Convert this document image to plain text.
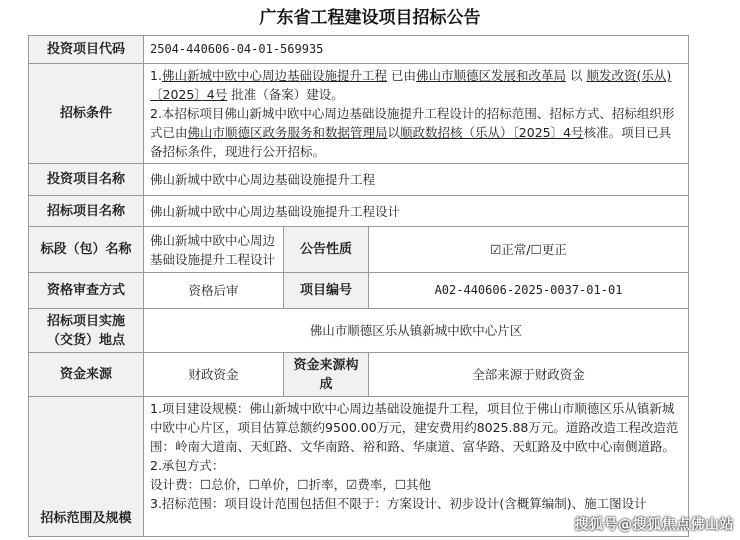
广东省工程建设项目招标公告
投资项目代码	2504-440606-04-01-569935		
招标条件	1.佛山新城中欧中心周边基础设施提升工程 已由佛山市顺德区发展和改革局 以 顺发改资(乐从)〔2025〕4号 批准（备案）建设。

2.本招标项目佛山新城中欧中心周边基础设施提升工程设计的招标范围、招标方式、招标组织形式已由佛山市顺德区政务服务和数据管理局以顺政数招核（乐从）〔2025〕4号核准。项目已具备招标条件，现进行公开招标。		

投资项目名称	佛山新城中欧中心周边基础设施提升工程		
招标项目名称	佛山新城中欧中心周边基础设施提升工程设计		
标段（包）名称	佛山新城中欧中心周边基础设施提升工程设计	公告性质	☑正常/☐更正
资格审查方式	资格后审	项目编号	A02-440606-2025-0037-01-01
招标项目实施（交货）地点	佛山市顺德区乐从镇新城中欧中心片区		
资金来源	财政资金	资金来源构成	全部来源于财政资金
招标范围及规模	1.项目建设规模：佛山新城中欧中心周边基础设施提升工程，项目位于佛山市顺德区乐从镇新城中欧中心片区，项目估算总额约9500.00万元，建安费用约8025.88万元。道路改造工程改造范围：岭南大道南、天虹路、文华南路、裕和路、华康道、富华路、天虹路及中欧中心南侧道路。

2.承包方式：

设计费：☐总价，☐单价，☐折率，☑费率，☐其他

3.招标范围：项目设计范围包括但不限于：方案设计、初步设计(含概算编制)、施工图设计		

搜狐号@搜狐焦点佛山站
